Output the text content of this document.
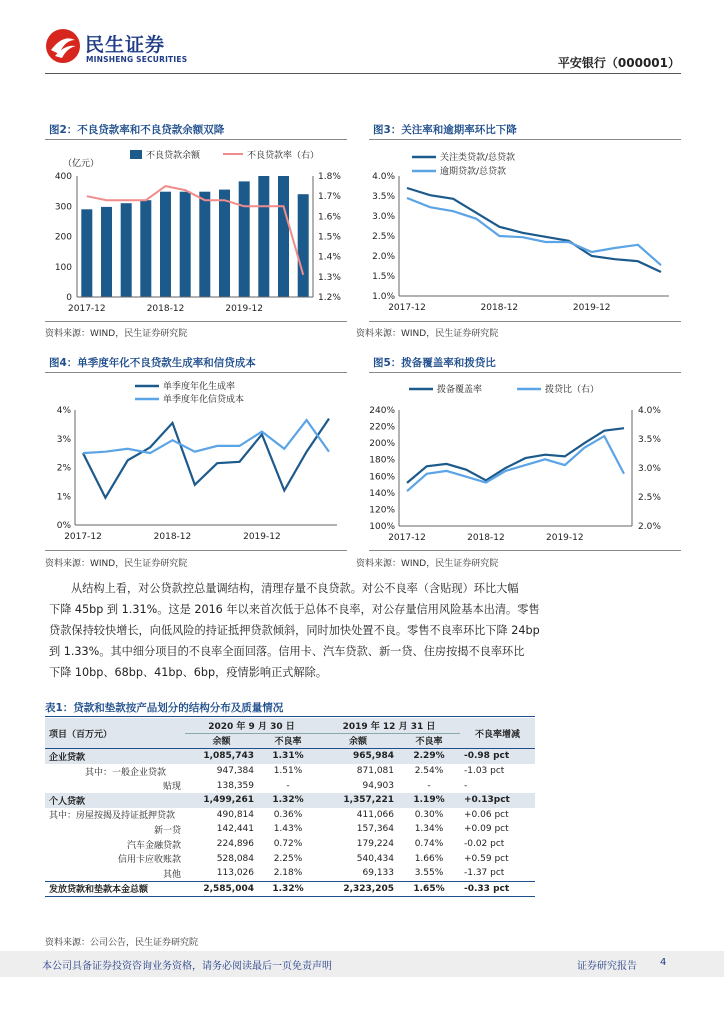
民生证券
MINSHENG SECURITIES	平安银行（000001）
图2：不良贷款率和不良贷款余额双降
（亿元）
0
100
200
300
400
1.2%
1.3%
1.4%
1.5%
1.6%
1.7%
1.8%
2017-12	2018-12	2019-12
不良贷款余额	不良贷款率（右）
资料来源：WIND，民生证券研究院
图3：关注率和逾期率环比下降
1.0%
1.5%
2.0%
2.5%
3.0%
3.5%
4.0%
2017-12	2018-12	2019-12
关注类贷款/总贷款
逾期贷款/总贷款
资料来源：WIND，民生证券研究院
图4：单季度年化不良贷款生成率和信贷成本
0%
1%
2%
3%
4%
2017-12	2018-12	2019-12
单季度年化生成率
单季度年化信贷成本
资料来源：WIND，民生证券研究院
图5：拨备覆盖率和拨贷比
100%
120%
140%
160%
180%
200%
220%
240%
2.0%
2.5%
3.0%
3.5%
4.0%
2017-12	2018-12	2019-12
拨备覆盖率	拨贷比（右）
资料来源：WIND，民生证券研究院
从结构上看，对公贷款控总量调结构，清理存量不良贷款。对公不良率（含贴现）环比大幅
下降 45bp 到 1.31%。这是 2016 年以来首次低于总体不良率，对公存量信用风险基本出清。零售
贷款保持较快增长，向低风险的持证抵押贷款倾斜，同时加快处置不良。零售不良率环比下降 24bp
到 1.33%。其中细分项目的不良率全面回落。信用卡、汽车贷款、新一贷、住房按揭不良率环比
下降 10bp、68bp、41bp、6bp，疫情影响正式解除。
表1：贷款和垫款按产品划分的结构分布及质量情况
项目（百万元）	2020 年 9 月 30 日		2019 年 12 月 31 日		不良率增减
	余额	不良率	余额	不良率	
企业贷款	1,085,743	1.31%	965,984	2.29%	-0.98 pct
其中：一般企业贷款	947,384	1.51%	871,081	2.54%	-1.03 pct
贴现	138,359	-	94,903	-	-
个人贷款	1,499,261	1.32%	1,357,221	1.19%	+0.13pct
其中：房屋按揭及持证抵押贷款	490,814	0.36%	411,066	0.30%	+0.06 pct
新一贷	142,441	1.43%	157,364	1.34%	+0.09 pct
汽车金融贷款	224,896	0.72%	179,224	0.74%	-0.02 pct
信用卡应收账款	528,084	2.25%	540,434	1.66%	+0.59 pct
其他	113,026	2.18%	69,133	3.55%	-1.37 pct
发放贷款和垫款本金总额	2,585,004	1.32%	2,323,205	1.65%	-0.33 pct
资料来源：公司公告，民生证券研究院
本公司具备证券投资咨询业务资格，请务必阅读最后一页免责声明	证券研究报告 4
